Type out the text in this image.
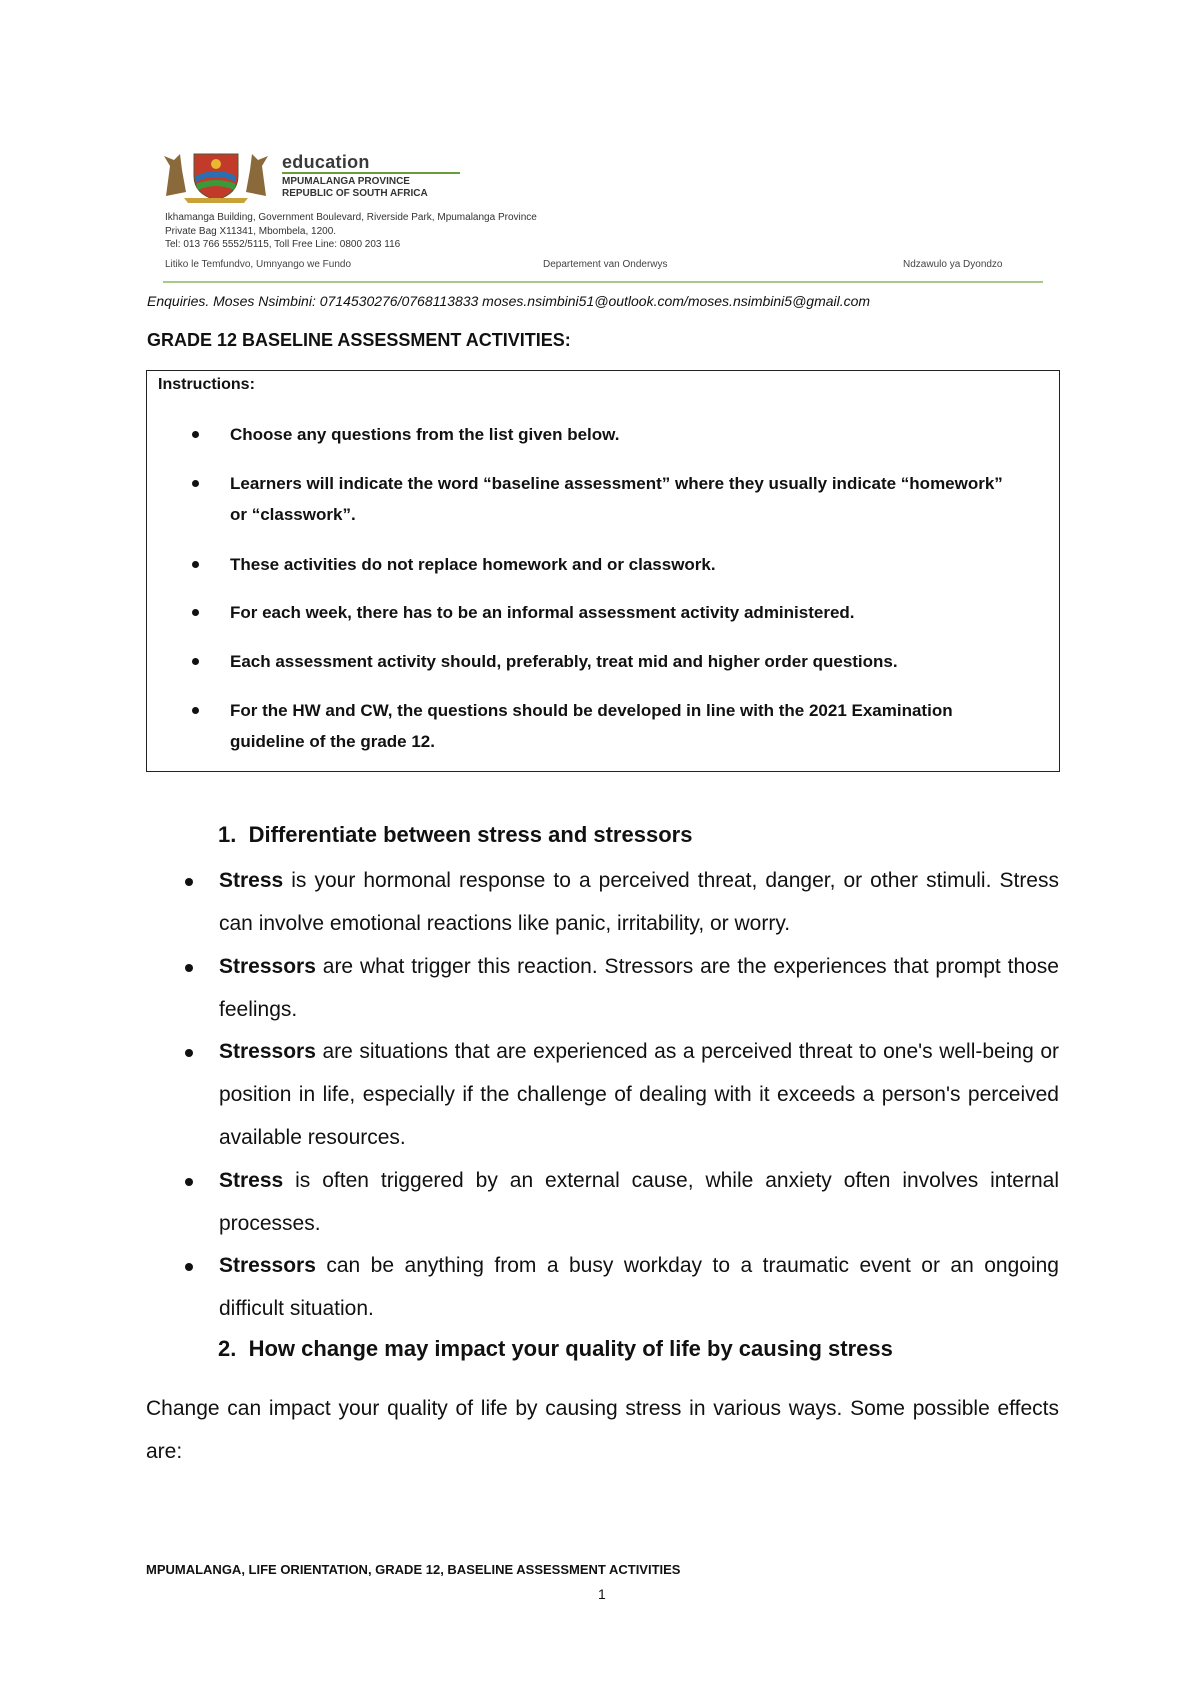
education
MPUMALANGA PROVINCE
REPUBLIC OF SOUTH AFRICA
Ikhamanga Building, Government Boulevard, Riverside Park, Mpumalanga Province
Private Bag X11341, Mbombela, 1200.
Tel: 013 766 5552/5115, Toll Free Line: 0800 203 116
Litiko le Temfundvo, Umnyango we Fundo	Departement van Onderwys	Ndzawulo ya Dyondzo
Enquiries. Moses Nsimbini: 0714530276/0768113833 moses.nsimbini51@outlook.com/moses.nsimbini5@gmail.com
GRADE 12 BASELINE ASSESSMENT ACTIVITIES:
Instructions:
Choose any questions from the list given below.
Learners will indicate the word “baseline assessment” where they usually indicate “homework” or “classwork”.
These activities do not replace homework and or classwork.
For each week, there has to be an informal assessment activity administered.
Each assessment activity should, preferably, treat mid and higher order questions.
For the HW and CW, the questions should be developed in line with the 2021 Examination guideline of the grade 12.
1. Differentiate between stress and stressors
Stress is your hormonal response to a perceived threat, danger, or other stimuli. Stress can involve emotional reactions like panic, irritability, or worry.
Stressors are what trigger this reaction. Stressors are the experiences that prompt those feelings.
Stressors are situations that are experienced as a perceived threat to one's well-being or position in life, especially if the challenge of dealing with it exceeds a person's perceived available resources.
Stress is often triggered by an external cause, while anxiety often involves internal processes.
Stressors can be anything from a busy workday to a traumatic event or an ongoing difficult situation.
2. How change may impact your quality of life by causing stress
Change can impact your quality of life by causing stress in various ways. Some possible effects are:
MPUMALANGA, LIFE ORIENTATION, GRADE 12, BASELINE ASSESSMENT ACTIVITIES
1
